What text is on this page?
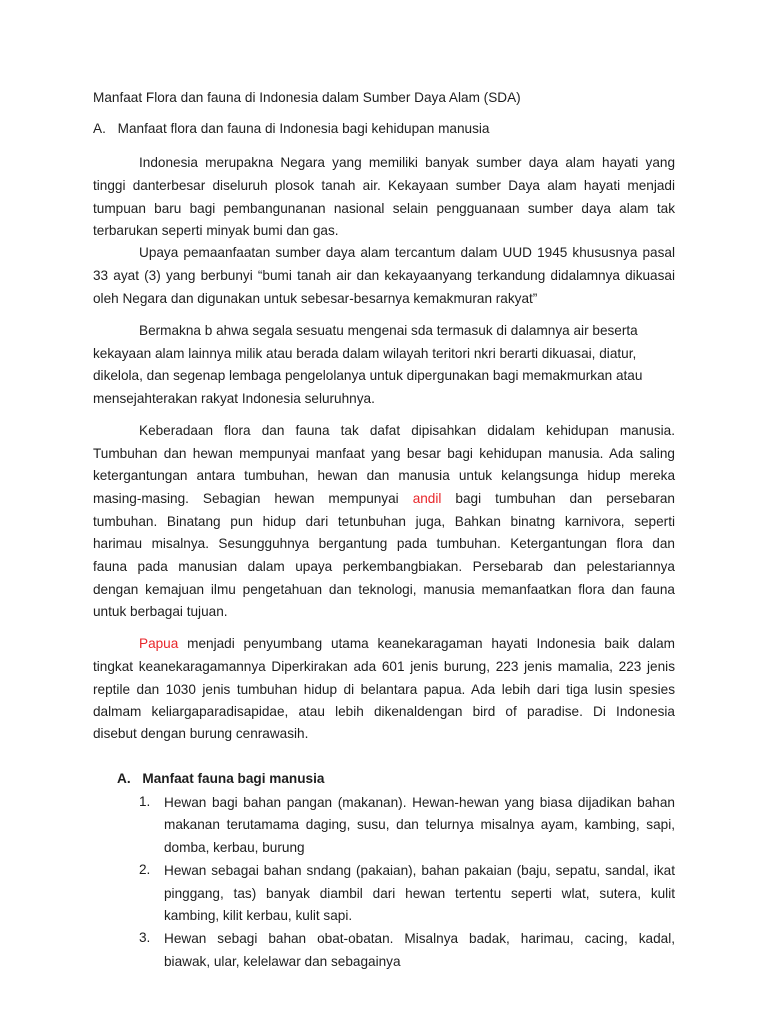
Manfaat Flora dan fauna di Indonesia dalam Sumber Daya Alam (SDA)
A. Manfaat flora dan fauna di Indonesia bagi kehidupan manusia
Indonesia merupakna Negara yang memiliki banyak sumber daya alam hayati yang
tinggi danterbesar diseluruh plosok tanah air. Kekayaan sumber Daya alam hayati menjadi
tumpuan baru bagi pembangunanan nasional selain pengguanaan sumber daya alam tak
terbarukan seperti minyak bumi dan gas.
Upaya pemaanfaatan sumber daya alam tercantum dalam UUD 1945 khususnya pasal
33 ayat (3) yang berbunyi “bumi tanah air dan kekayaanyang terkandung didalamnya dikuasai
oleh Negara dan digunakan untuk sebesar-besarnya kemakmuran rakyat”
Bermakna b ahwa segala sesuatu mengenai sda termasuk di dalamnya air beserta
kekayaan alam lainnya milik atau berada dalam wilayah teritori nkri berarti dikuasai, diatur,
dikelola, dan segenap lembaga pengelolanya untuk dipergunakan bagi memakmurkan atau
mensejahterakan rakyat Indonesia seluruhnya.
Keberadaan flora dan fauna tak dafat dipisahkan didalam kehidupan manusia.
Tumbuhan dan hewan mempunyai manfaat yang besar bagi kehidupan manusia. Ada saling
ketergantungan antara tumbuhan, hewan dan manusia untuk kelangsunga hidup mereka
masing-masing. Sebagian hewan mempunyai andil bagi tumbuhan dan persebaran
tumbuhan. Binatang pun hidup dari tetunbuhan juga, Bahkan binatng karnivora, seperti
harimau misalnya. Sesungguhnya bergantung pada tumbuhan. Ketergantungan flora dan
fauna pada manusian dalam upaya perkembangbiakan. Persebarab dan pelestariannya
dengan kemajuan ilmu pengetahuan dan teknologi, manusia memanfaatkan flora dan fauna
untuk berbagai tujuan.
Papua menjadi penyumbang utama keanekaragaman hayati Indonesia baik dalam
tingkat keanekaragamannya Diperkirakan ada 601 jenis burung, 223 jenis mamalia, 223 jenis
reptile dan 1030 jenis tumbuhan hidup di belantara papua. Ada lebih dari tiga lusin spesies
dalmam keliargaparadisapidae, atau lebih dikenaldengan bird of paradise. Di Indonesia
disebut dengan burung cenrawasih.
A. Manfaat fauna bagi manusia
1. Hewan bagi bahan pangan (makanan). Hewan-hewan yang biasa dijadikan bahan
makanan terutamama daging, susu, dan telurnya misalnya ayam, kambing, sapi,
domba, kerbau, burung
2. Hewan sebagai bahan sndang (pakaian), bahan pakaian (baju, sepatu, sandal, ikat
pinggang, tas) banyak diambil dari hewan tertentu seperti wlat, sutera, kulit
kambing, kilit kerbau, kulit sapi.
3. Hewan sebagi bahan obat-obatan. Misalnya badak, harimau, cacing, kadal,
biawak, ular, kelelawar dan sebagainya
